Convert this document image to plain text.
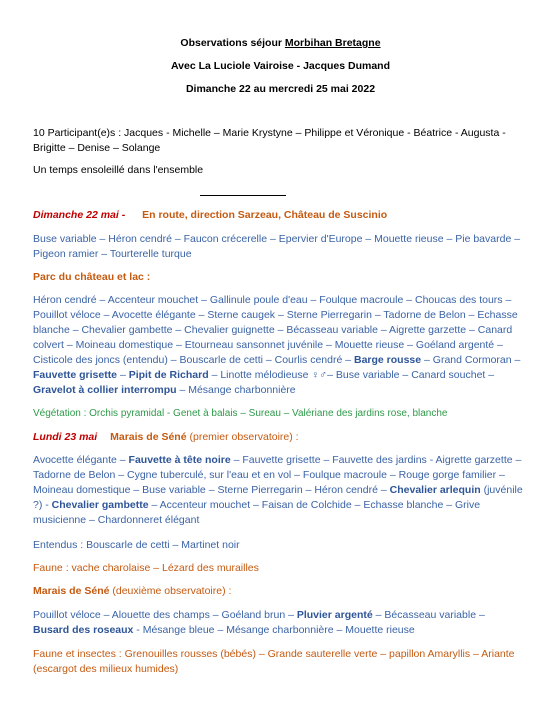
Observations séjour Morbihan Bretagne
Avec La Luciole Vairoise - Jacques Dumand
Dimanche 22 au mercredi 25 mai 2022
10 Participant(e)s : Jacques - Michelle – Marie Krystyne – Philippe et Véronique - Béatrice - Augusta - Brigitte – Denise – Solange
Un temps ensoleillé dans l'ensemble
Dimanche 22 mai - En route, direction Sarzeau, Château de Suscinio
Buse variable – Héron cendré – Faucon crécerelle – Epervier d'Europe – Mouette rieuse – Pie bavarde – Pigeon ramier – Tourterelle turque
Parc du château et lac :
Héron cendré – Accenteur mouchet – Gallinule poule d'eau – Foulque macroule – Choucas des tours – Pouillot véloce – Avocette élégante – Sterne caugek – Sterne Pierregarin – Tadorne de Belon – Echasse blanche – Chevalier gambette – Chevalier guignette – Bécasseau variable – Aigrette garzette – Canard colvert – Moineau domestique – Etourneau sansonnet juvénile – Mouette rieuse – Goéland argenté – Cisticole des joncs (entendu) – Bouscarle de cetti – Courlis cendré – Barge rousse – Grand Cormoran – Fauvette grisette – Pipit de Richard – Linotte mélodieuse ♀♂– Buse variable – Canard souchet – Gravelot à collier interrompu – Mésange charbonnière
Végétation : Orchis pyramidal - Genet à balais – Sureau – Valériane des jardins rose, blanche
Lundi 23 mai Marais de Séné (premier observatoire) :
Avocette élégante – Fauvette à tête noire – Fauvette grisette – Fauvette des jardins - Aigrette garzette – Tadorne de Belon – Cygne tuberculé, sur l'eau et en vol – Foulque macroule – Rouge gorge familier – Moineau domestique – Buse variable – Sterne Pierregarin – Héron cendré – Chevalier arlequin (juvénile ?) - Chevalier gambette – Accenteur mouchet – Faisan de Colchide – Echasse blanche – Grive musicienne – Chardonneret élégant
Entendus : Bouscarle de cetti – Martinet noir
Faune : vache charolaise – Lézard des murailles
Marais de Séné (deuxième observatoire) :
Pouillot véloce – Alouette des champs – Goéland brun – Pluvier argenté – Bécasseau variable – Busard des roseaux - Mésange bleue – Mésange charbonnière – Mouette rieuse
Faune et insectes : Grenouilles rousses (bébés) – Grande sauterelle verte – papillon Amaryllis – Ariante (escargot des milieux humides)
